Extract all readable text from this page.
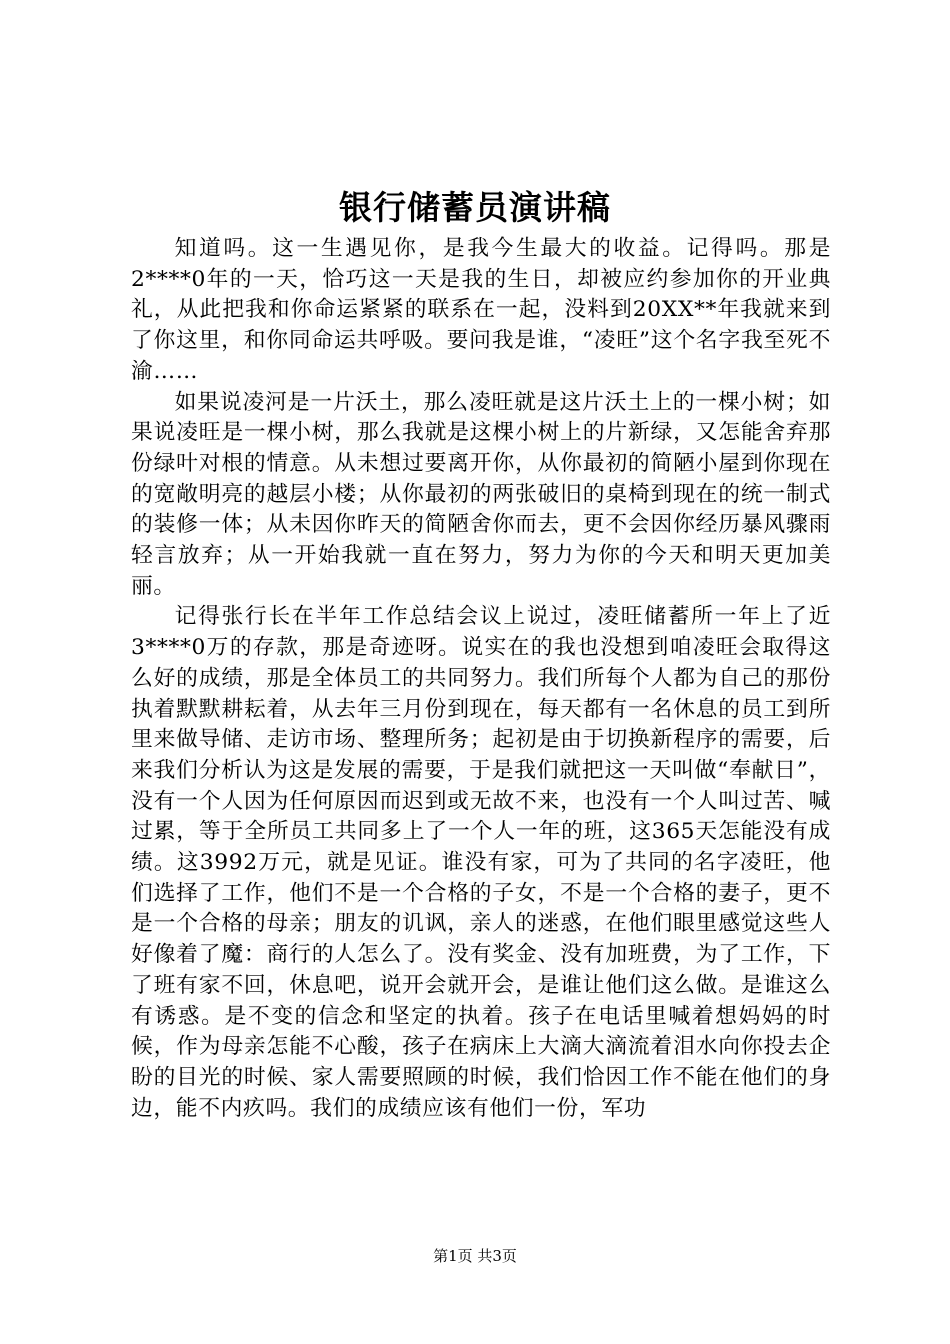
银行储蓄员演讲稿

知道吗。这一生遇见你，是我今生最大的收益。记得吗。那是2****0年的一天，恰巧这一天是我的生日，却被应约参加你的开业典礼，从此把我和你命运紧紧的联系在一起，没料到20XX**年我就来到了你这里，和你同命运共呼吸。要问我是谁，“凌旺”这个名字我至死不渝……

如果说凌河是一片沃土，那么凌旺就是这片沃土上的一棵小树；如果说凌旺是一棵小树，那么我就是这棵小树上的片新绿，又怎能舍弃那份绿叶对根的情意。从未想过要离开你，从你最初的简陋小屋到你现在的宽敞明亮的越层小楼；从你最初的两张破旧的桌椅到现在的统一制式的装修一体；从未因你昨天的简陋舍你而去，更不会因你经历暴风骤雨轻言放弃；从一开始我就一直在努力，努力为你的今天和明天更加美丽。

记得张行长在半年工作总结会议上说过，凌旺储蓄所一年上了近3****0万的存款，那是奇迹呀。说实在的我也没想到咱凌旺会取得这么好的成绩，那是全体员工的共同努力。我们所每个人都为自己的那份执着默默耕耘着，从去年三月份到现在，每天都有一名休息的员工到所里来做导储、走访市场、整理所务；起初是由于切换新程序的需要，后来我们分析认为这是发展的需要，于是我们就把这一天叫做“奉献日”，没有一个人因为任何原因而迟到或无故不来，也没有一个人叫过苦、喊过累，等于全所员工共同多上了一个人一年的班，这365天怎能没有成绩。这3992万元，就是见证。谁没有家，可为了共同的名字凌旺，他们选择了工作，他们不是一个合格的子女，不是一个合格的妻子，更不是一个合格的母亲；朋友的讥讽，亲人的迷惑，在他们眼里感觉这些人好像着了魔：商行的人怎么了。没有奖金、没有加班费，为了工作，下了班有家不回，休息吧，说开会就开会，是谁让他们这么做。是谁这么有诱惑。是不变的信念和坚定的执着。孩子在电话里喊着想妈妈的时候，作为母亲怎能不心酸，孩子在病床上大滴大滴流着泪水向你投去企盼的目光的时候、家人需要照顾的时候，我们恰因工作不能在他们的身边，能不内疚吗。我们的成绩应该有他们一份，军功

第1页 共3页
